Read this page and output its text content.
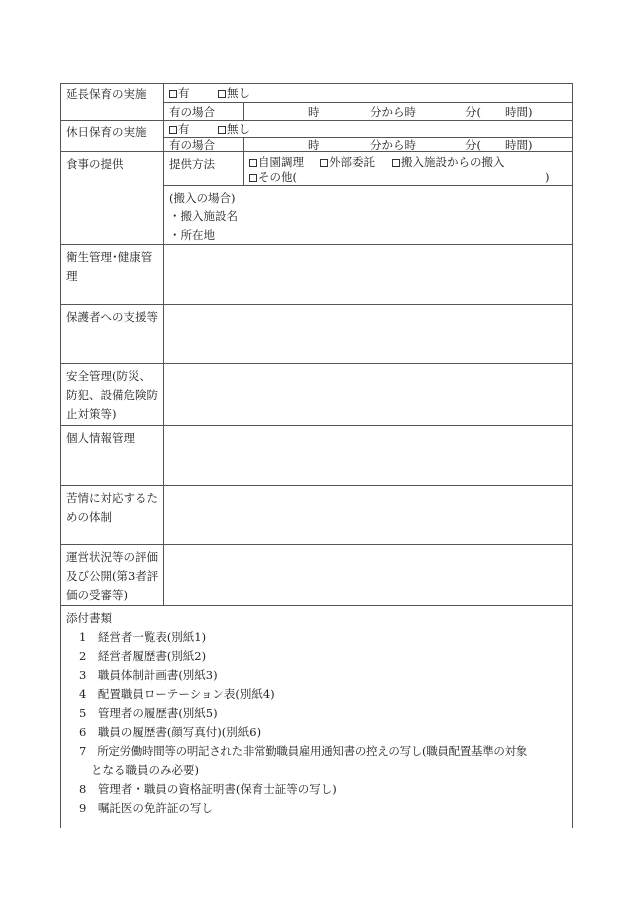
延長保育の実施	有	無し
有の場合	時	分から時	分( 時間)
休日保育の実施	有	無し
有の場合	時	分から時	分( 時間)
食事の提供	提供方法	自園調理	外部委託	搬入施設からの搬入
その他(	)
(搬入の場合)
・搬入施設名
・所在地
衛生管理･健康管理
保護者への支援等
安全管理(防災、防犯、設備危険防止対策等)
個人情報管理
苦情に対応するための体制
運営状況等の評価及び公開(第3者評価の受審等)
添付書類
1　経営者一覧表(別紙1)
2　経営者履歴書(別紙2)
3　職員体制計画書(別紙3)
4　配置職員ローテーション表(別紙4)
5　管理者の履歴書(別紙5)
6　職員の履歴書(顔写真付)(別紙6)
7　所定労働時間等の明記された非常勤職員雇用通知書の控えの写し(職員配置基準の対象
となる職員のみ必要)
8　管理者・職員の資格証明書(保育士証等の写し)
9　嘱託医の免許証の写し
